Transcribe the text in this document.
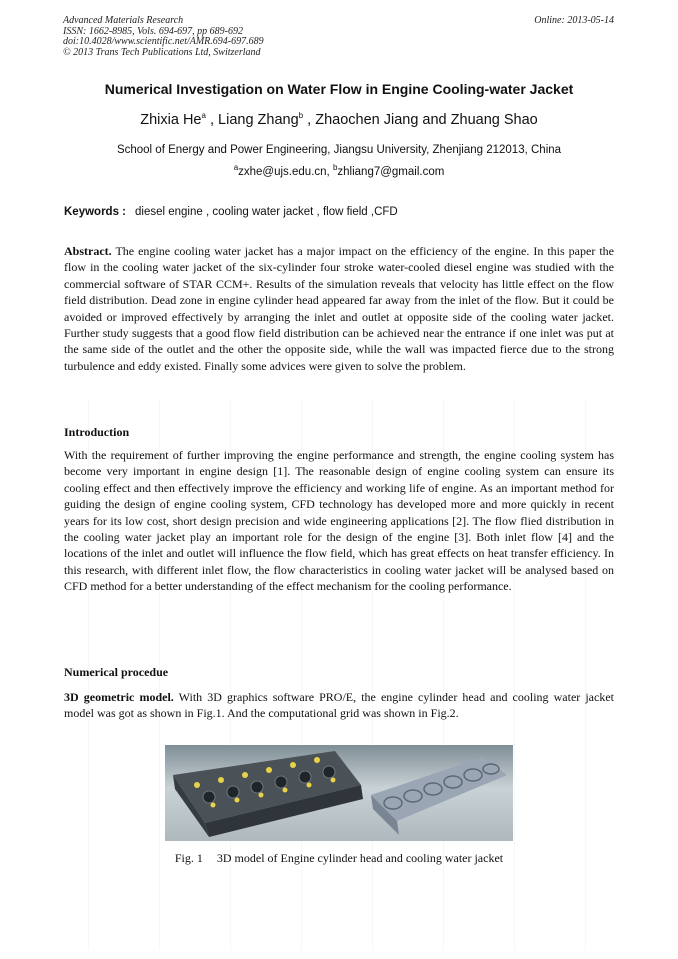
Advanced Materials Research
ISSN: 1662-8985, Vols. 694-697, pp 689-692
doi:10.4028/www.scientific.net/AMR.694-697.689
© 2013 Trans Tech Publications Ltd, Switzerland
Online: 2013-05-14
Numerical Investigation on Water Flow in Engine Cooling-water Jacket
Zhixia He$^a$ , Liang Zhang$^b$ , Zhaochen Jiang and Zhuang Shao
School of Energy and Power Engineering, Jiangsu University, Zhenjiang 212013, China
$^a$zxhe@ujs.edu.cn, $^b$zhliang7@gmail.com
Keywords : diesel engine , cooling water jacket , flow field ,CFD

Abstract. The engine cooling water jacket has a major impact on the efficiency of the engine. In this paper the flow in the cooling water jacket of the six-cylinder four stroke water-cooled diesel engine was studied with the commercial software of STAR CCM+. Results of the simulation reveals that velocity has little effect on the flow field distribution. Dead zone in engine cylinder head appeared far away from the inlet of the flow. But it could be avoided or improved effectively by arranging the inlet and outlet at opposite side of the cooling water jacket. Further study suggests that a good flow field distribution can be achieved near the entrance if one inlet was put at the same side of the outlet and the other the opposite side, while the wall was impacted fierce due to the strong turbulence and eddy existed. Finally some advices were given to solve the problem.

Introduction

With the requirement of further improving the engine performance and strength, the engine cooling system has become very important in engine design [1]. The reasonable design of engine cooling system can ensure its cooling effect and then effectively improve the efficiency and working life of engine. As an important method for guiding the design of engine cooling system, CFD technology has developed more and more quickly in recent years for its low cost, short design precision and wide engineering applications [2]. The flow flied distribution in the cooling water jacket play an important role for the design of the engine [3]. Both inlet flow [4] and the locations of the inlet and outlet will influence the flow field, which has great effects on heat transfer efficiency. In this research, with different inlet flow, the flow characteristics in cooling water jacket will be analysed based on CFD method for a better understanding of the effect mechanism for the cooling performance.

Numerical procedue

3D geometric model. With 3D graphics software PRO/E, the engine cylinder head and cooling water jacket model was got as shown in Fig.1. And the computational grid was shown in Fig.2.

Fig. 1 3D model of Engine cylinder head and cooling water jacket
